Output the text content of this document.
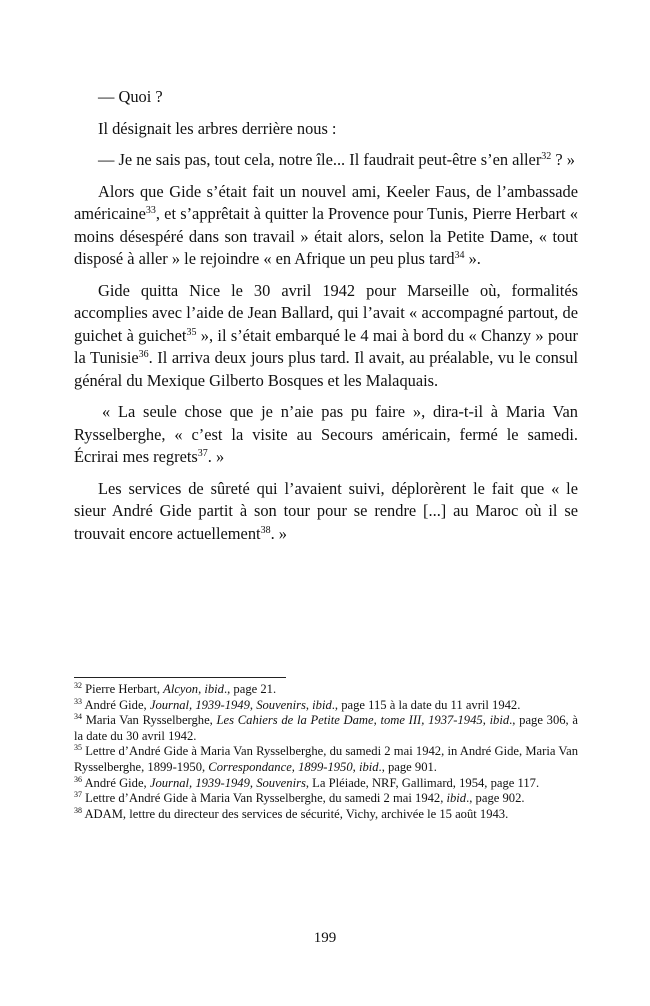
— Quoi ?

Il désignait les arbres derrière nous :

— Je ne sais pas, tout cela, notre île... Il faudrait peut-être s’en aller$^{32}$ ? »

Alors que Gide s’était fait un nouvel ami, Keeler Faus, de l’ambassade américaine$^{33}$, et s’apprêtait à quitter la Provence pour Tunis, Pierre Herbart « moins désespéré dans son travail » était alors, selon la Petite Dame, « tout disposé à aller » le rejoindre « en Afrique un peu plus tard$^{34}$ ».

Gide quitta Nice le 30 avril 1942 pour Marseille où, formalités accomplies avec l’aide de Jean Ballard, qui l’avait « accompagné partout, de guichet à guichet$^{35}$ », il s’était embarqué le 4 mai à bord du « Chanzy » pour la Tunisie$^{36}$. Il arriva deux jours plus tard. Il avait, au préalable, vu le consul général du Mexique Gilberto Bosques et les Malaquais.

« La seule chose que je n’aie pas pu faire », dira-t-il à Maria Van Rysselberghe, « c’est la visite au Secours américain, fermé le samedi. Écrirai mes regrets$^{37}$. »

Les services de sûreté qui l’avaient suivi, déplorèrent le fait que « le sieur André Gide partit à son tour pour se rendre [...] au Maroc où il se trouvait encore actuellement$^{38}$. »

$^{32}$ Pierre Herbart, Alcyon, ibid., page 21.

$^{33}$ André Gide, Journal, 1939-1949, Souvenirs, ibid., page 115 à la date du 11 avril 1942.

$^{34}$ Maria Van Rysselberghe, Les Cahiers de la Petite Dame, tome III, 1937-1945, ibid., page 306, à la date du 30 avril 1942.

$^{35}$ Lettre d’André Gide à Maria Van Rysselberghe, du samedi 2 mai 1942, in André Gide, Maria Van Rysselberghe, 1899-1950, Correspondance, 1899-1950, ibid., page 901.

$^{36}$ André Gide, Journal, 1939-1949, Souvenirs, La Pléiade, NRF, Gallimard, 1954, page 117.

$^{37}$ Lettre d’André Gide à Maria Van Rysselberghe, du samedi 2 mai 1942, ibid., page 902.

$^{38}$ ADAM, lettre du directeur des services de sécurité, Vichy, archivée le 15 août 1943.

199
